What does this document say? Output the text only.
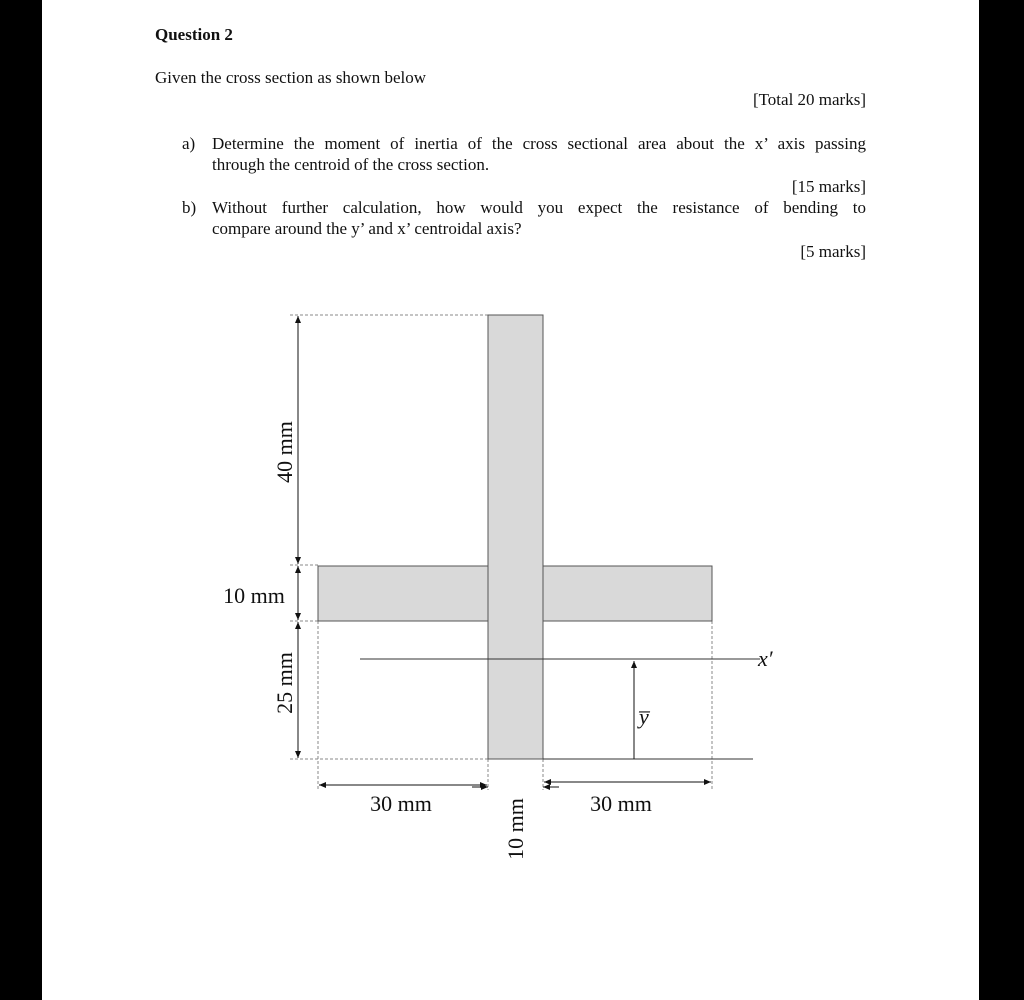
Question 2
Given the cross section as shown below
[Total 20 marks]
a) Determine the moment of inertia of the cross sectional area about the x’ axis passing
through the centroid of the cross section.
[15 marks]
b) Without further calculation, how would you expect the resistance of bending to
compare around the y’ and x’ centroidal axis?
[5 marks]
x′
y̅
40 mm
10 mm
25 mm
30 mm	10 mm	30 mm
